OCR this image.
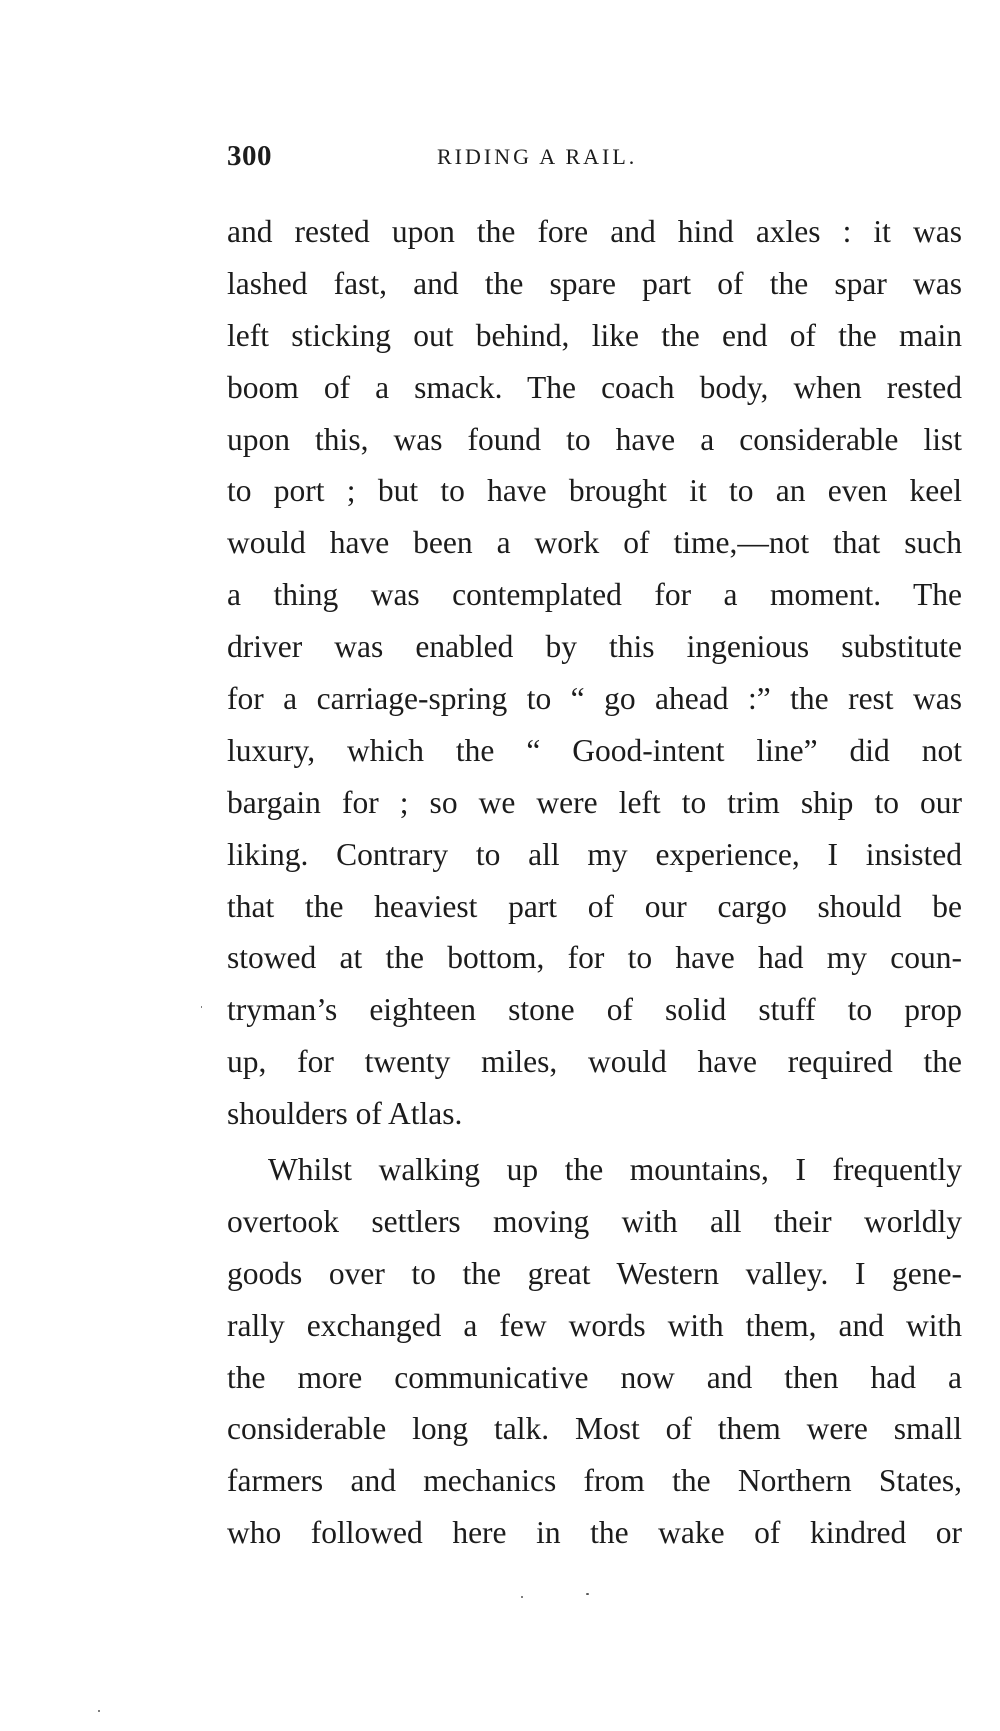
300	RIDING A RAIL.
and rested upon the fore and hind axles : it was
lashed fast, and the spare part of the spar was
left sticking out behind, like the end of the main
boom of a smack. The coach body, when rested
upon this, was found to have a considerable list
to port ; but to have brought it to an even keel
would have been a work of time,—not that such
a thing was contemplated for a moment. The
driver was enabled by this ingenious substitute
for a carriage-spring to “ go ahead :” the rest was
luxury, which the “ Good-intent line” did not
bargain for ; so we were left to trim ship to our
liking. Contrary to all my experience, I insisted
that the heaviest part of our cargo should be
stowed at the bottom, for to have had my coun-
tryman’s eighteen stone of solid stuff to prop
up, for twenty miles, would have required the
shoulders of Atlas.
Whilst walking up the mountains, I frequently
overtook settlers moving with all their worldly
goods over to the great Western valley. I gene-
rally exchanged a few words with them, and with
the more communicative now and then had a
considerable long talk. Most of them were small
farmers and mechanics from the Northern States,
who followed here in the wake of kindred or
